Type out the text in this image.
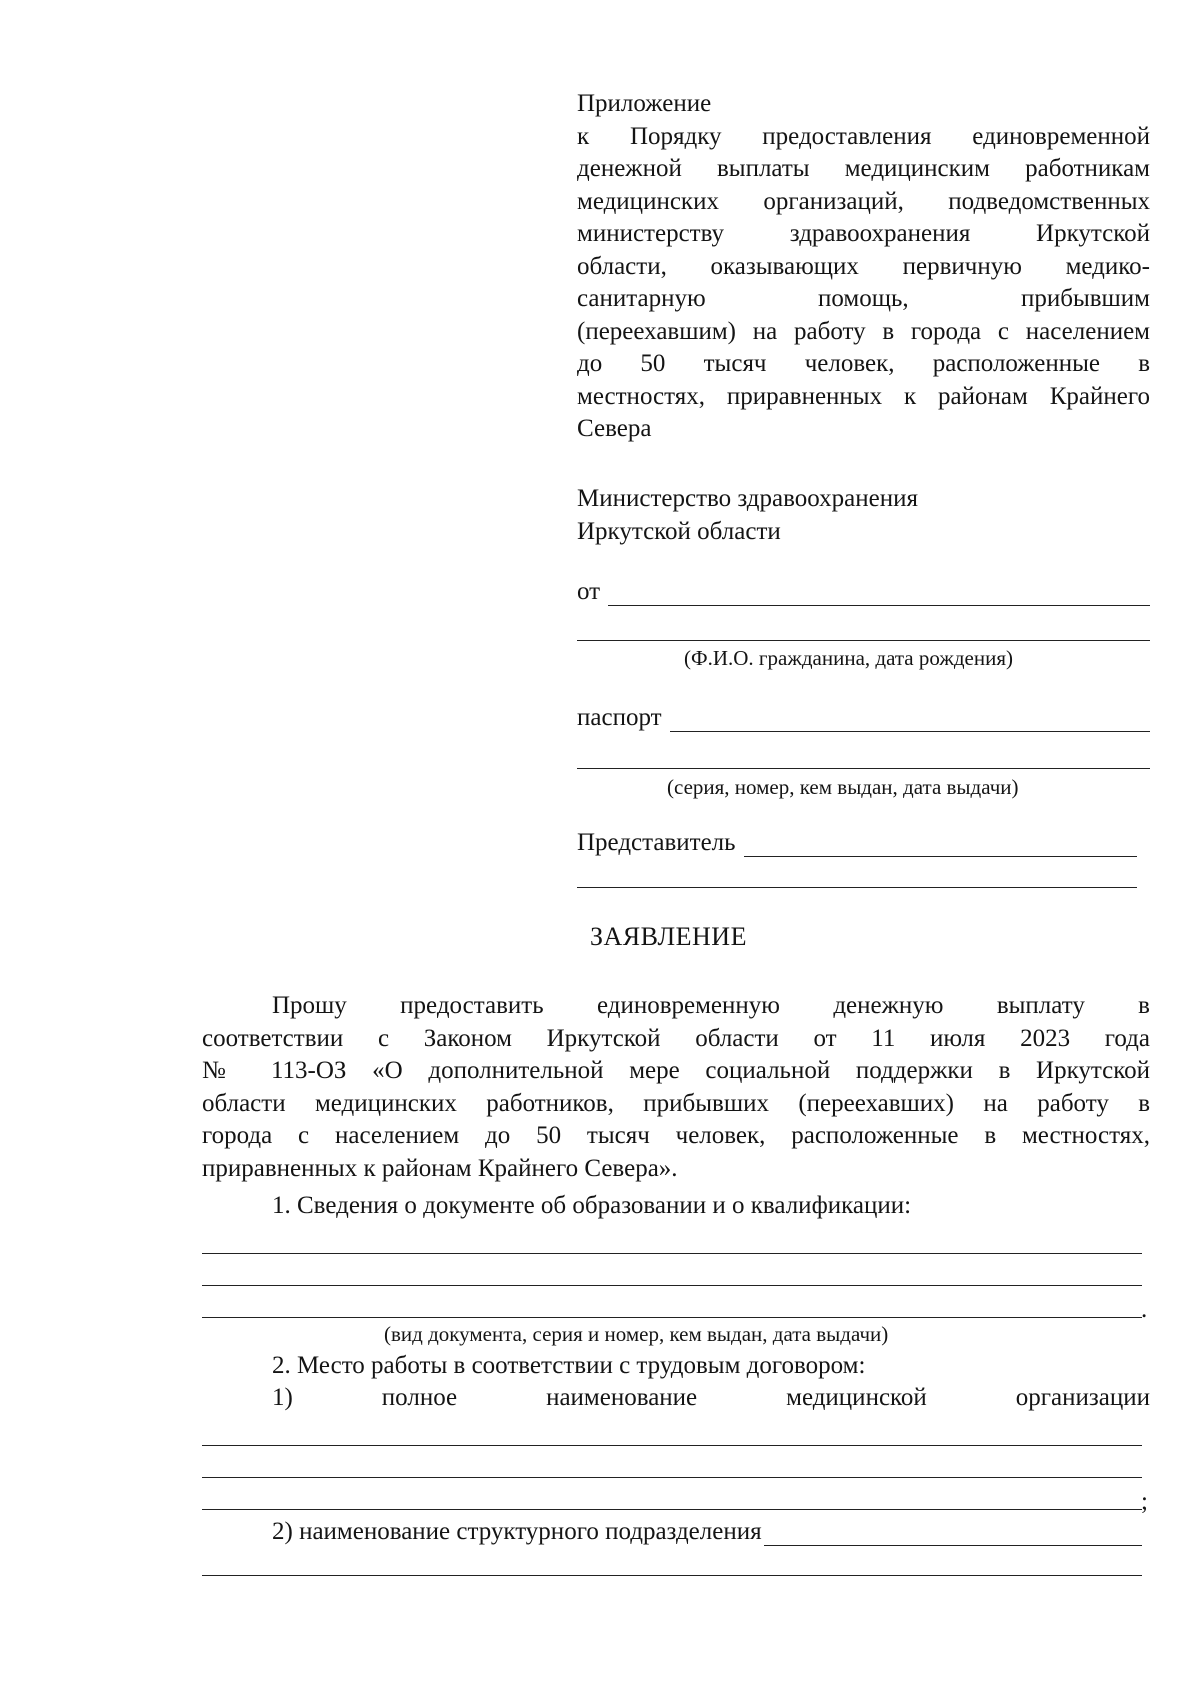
Приложение
к Порядку предоставления единовременной
денежной выплаты медицинским работникам
медицинских организаций, подведомственных
министерству здравоохранения Иркутской
области, оказывающих первичную медико-
санитарную помощь, прибывшим
(переехавшим) на работу в города с населением
до 50 тысяч человек, расположенные в
местностях, приравненных к районам Крайнего
Севера
Министерство здравоохранения
Иркутской области
от
(Ф.И.О. гражданина, дата рождения)
паспорт
(серия, номер, кем выдан, дата выдачи)
Представитель
ЗАЯВЛЕНИЕ
Прошу предоставить единовременную денежную выплату в
соответствии с Законом Иркутской области от 11 июля 2023 года
№ 113-ОЗ «О дополнительной мере социальной поддержки в Иркутской
области медицинских работников, прибывших (переехавших) на работу в
города с населением до 50 тысяч человек, расположенные в местностях,
приравненных к районам Крайнего Севера».
1. Сведения о документе об образовании и о квалификации:
.
(вид документа, серия и номер, кем выдан, дата выдачи)
2. Место работы в соответствии с трудовым договором:
1) полное наименование медицинской организации
;
2) наименование структурного подразделения
